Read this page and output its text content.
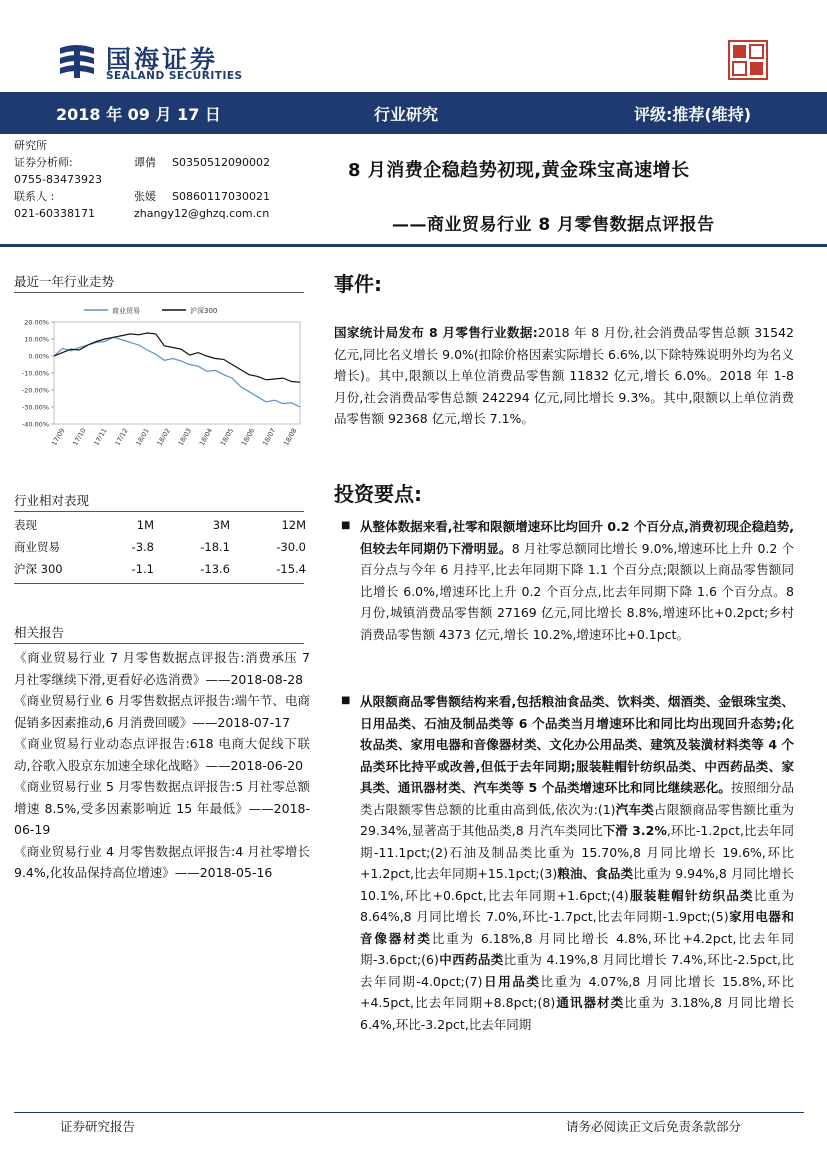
国海证券
SEALAND SECURITIES
2018 年 09 月 17 日	行业研究	评级:推荐(维持)
研究所
证券分析师:	谭倩 S0350512090002
0755-83473923
联系人 :	张媛 S0860117030021
021-60338171	zhangy12@ghzq.com.cn
8 月消费企稳趋势初现,黄金珠宝高速增长
——商业贸易行业 8 月零售数据点评报告
最近一年行业走势
20.00%
10.00%
0.00%
-10.00%
-20.00%
-30.00%
-40.00%
17/09 17/10 17/11 17/12 18/01 18/02 18/03 18/04 18/05 18/06 18/07 18/08
商业贸易	沪深300
行业相对表现
表现	1M	3M	12M
商业贸易	-3.8	-18.1	-30.0
沪深 300	-1.1	-13.6	-15.4
相关报告
《商业贸易行业 7 月零售数据点评报告:消费承压 7 月社零继续下滑,更看好必选消费》——2018-08-28
《商业贸易行业 6 月零售数据点评报告:端午节、电商促销多因素推动,6 月消费回暖》——2018-07-17
《商业贸易行业动态点评报告:618 电商大促线下联动,谷歌入股京东加速全球化战略》——2018-06-20
《商业贸易行业 5 月零售数据点评报告:5 月社零总额增速 8.5%,受多因素影响近 15 年最低》——2018-06-19
《商业贸易行业 4 月零售数据点评报告:4 月社零增长 9.4%,化妆品保持高位增速》——2018-05-16
事件:
国家统计局发布 8 月零售行业数据:2018 年 8 月份,社会消费品零售总额 31542 亿元,同比名义增长 9.0%(扣除价格因素实际增长 6.6%,以下除特殊说明外均为名义增长)。其中,限额以上单位消费品零售额 11832 亿元,增长 6.0%。2018 年 1-8 月份,社会消费品零售总额 242294 亿元,同比增长 9.3%。其中,限额以上单位消费品零售额 92368 亿元,增长 7.1%。
投资要点:
■ 从整体数据来看,社零和限额增速环比均回升 0.2 个百分点,消费初现企稳趋势,但较去年同期仍下滑明显。8 月社零总额同比增长 9.0%,增速环比上升 0.2 个百分点与今年 6 月持平,比去年同期下降 1.1 个百分点;限额以上商品零售额同比增长 6.0%,增速环比上升 0.2 个百分点,比去年同期下降 1.6 个百分点。8 月份,城镇消费品零售额 27169 亿元,同比增长 8.8%,增速环比+0.2pct;乡村消费品零售额 4373 亿元,增长 10.2%,增速环比+0.1pct。
■ 从限额商品零售额结构来看,包括粮油食品类、饮料类、烟酒类、金银珠宝类、日用品类、石油及制品类等 6 个品类当月增速环比和同比均出现回升态势;化妆品类、家用电器和音像器材类、文化办公用品类、建筑及装潢材料类等 4 个品类环比持平或改善,但低于去年同期;服装鞋帽针纺织品类、中西药品类、家具类、通讯器材类、汽车类等 5 个品类增速环比和同比继续恶化。按照细分品类占限额零售总额的比重由高到低,依次为:(1)汽车类占限额商品零售额比重为 29.34%,显著高于其他品类,8 月汽车类同比下滑 3.2%,环比-1.2pct,比去年同期-11.1pct;(2)石油及制品类比重为 15.70%,8 月同比增长 19.6%,环比+1.2pct,比去年同期+15.1pct;(3)粮油、食品类比重为 9.94%,8 月同比增长 10.1%,环比+0.6pct,比去年同期+1.6pct;(4)服装鞋帽针纺织品类比重为 8.64%,8 月同比增长 7.0%,环比-1.7pct,比去年同期-1.9pct;(5)家用电器和音像器材类比重为 6.18%,8 月同比增长 4.8%,环比+4.2pct,比去年同期-3.6pct;(6)中西药品类比重为 4.19%,8 月同比增长 7.4%,环比-2.5pct,比去年同期-4.0pct;(7)日用品类比重为 4.07%,8 月同比增长 15.8%,环比+4.5pct,比去年同期+8.8pct;(8)通讯器材类比重为 3.18%,8 月同比增长 6.4%,环比-3.2pct,比去年同期
证券研究报告	请务必阅读正文后免责条款部分
